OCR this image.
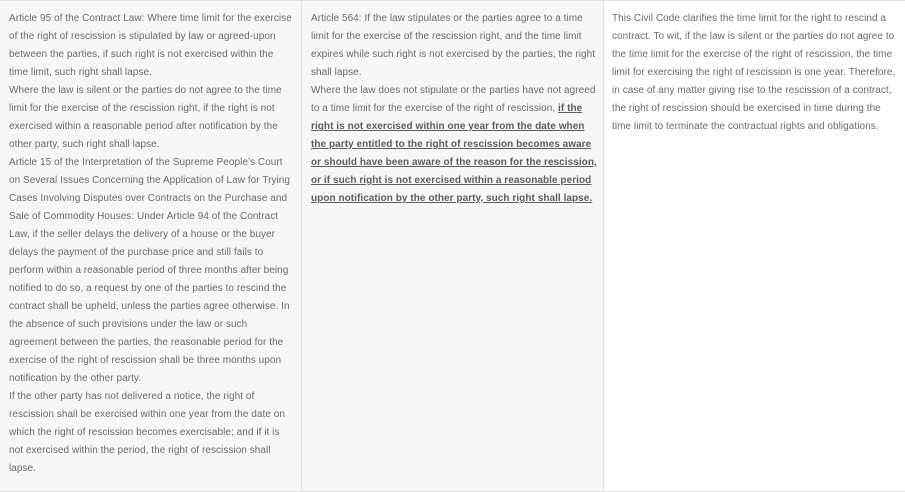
Article 95 of the Contract Law: Where time limit for the exercise of the right of rescission is stipulated by law or agreed-upon between the parties, if such right is not exercised within the time limit, such right shall lapse.

Where the law is silent or the parties do not agree to the time limit for the exercise of the rescission right, if the right is not exercised within a reasonable period after notification by the other party, such right shall lapse.

Article 15 of the Interpretation of the Supreme People’s Court on Several Issues Concerning the Application of Law for Trying Cases Involving Disputes over Contracts on the Purchase and Sale of Commodity Houses: Under Article 94 of the Contract Law, if the seller delays the delivery of a house or the buyer delays the payment of the purchase price and still fails to perform within a reasonable period of three months after being notified to do so, a request by one of the parties to rescind the contract shall be upheld, unless the parties agree otherwise. In the absence of such provisions under the law or such agreement between the parties, the reasonable period for the exercise of the right of rescission shall be three months upon notification by the other party.

If the other party has not delivered a notice, the right of rescission shall be exercised within one year from the date on which the right of rescission becomes exercisable; and if it is not exercised within the period, the right of rescission shall lapse.

Article 564: If the law stipulates or the parties agree to a time limit for the exercise of the rescission right, and the time limit expires while such right is not exercised by the parties, the right shall lapse.

Where the law does not stipulate or the parties have not agreed to a time limit for the exercise of the right of rescission, if the right is not exercised within one year from the date when the party entitled to the right of rescission becomes aware or should have been aware of the reason for the rescission, or if such right is not exercised within a reasonable period upon notification by the other party, such right shall lapse.

This Civil Code clarifies the time limit for the right to rescind a contract. To wit, if the law is silent or the parties do not agree to the time limit for the exercise of the right of rescission, the time limit for exercising the right of rescission is one year. Therefore, in case of any matter giving rise to the rescission of a contract, the right of rescission should be exercised in time during the time limit to terminate the contractual rights and obligations.
